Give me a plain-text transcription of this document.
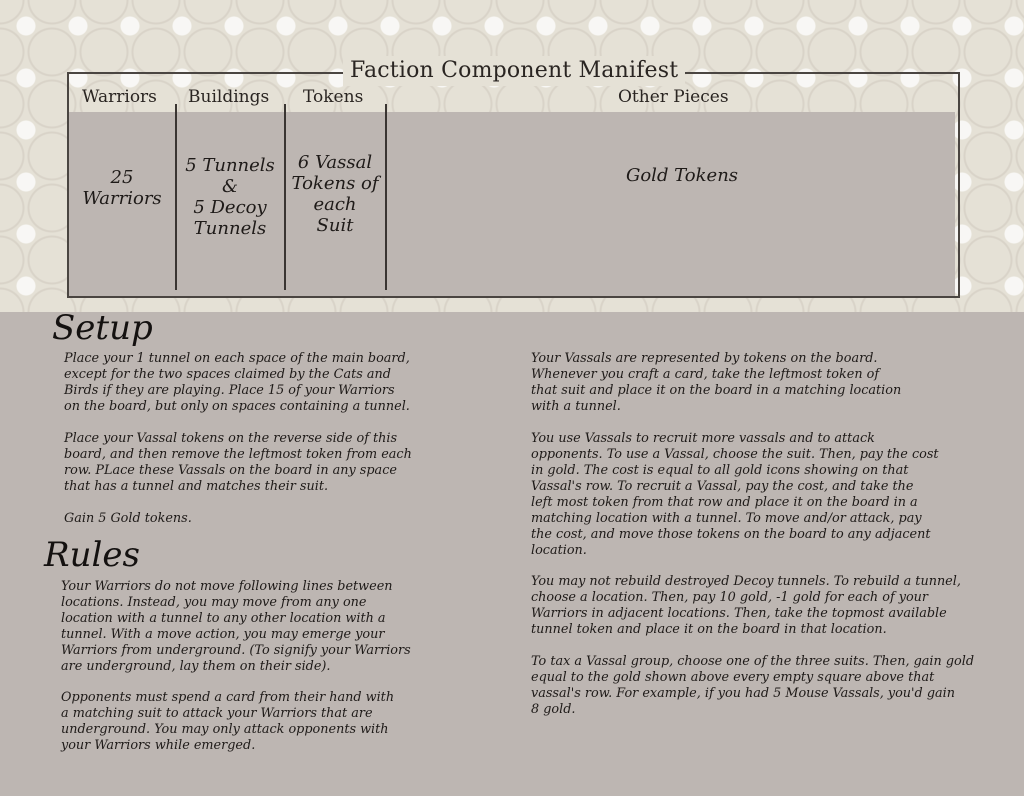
Faction Component Manifest
Warriors Buildings Tokens	Other Pieces
25
Warriors
5 Tunnels
&
5 Decoy
Tunnels
6 Vassal
Tokens of
each
Suit
Gold Tokens
Setup

Place your 1 tunnel on each space of the main board,
except for the two spaces claimed by the Cats and
Birds if they are playing. Place 15 of your Warriors
on the board, but only on spaces containing a tunnel.

Place your Vassal tokens on the reverse side of this
board, and then remove the leftmost token from each
row. PLace these Vassals on the board in any space
that has a tunnel and matches their suit.

Gain 5 Gold tokens.

Rules

Your Warriors do not move following lines between
locations. Instead, you may move from any one
location with a tunnel to any other location with a
tunnel. With a move action, you may emerge your
Warriors from underground. (To signify your Warriors
are underground, lay them on their side).

Opponents must spend a card from their hand with
a matching suit to attack your Warriors that are
underground. You may only attack opponents with
your Warriors while emerged.

Your Vassals are represented by tokens on the board.
Whenever you craft a card, take the leftmost token of
that suit and place it on the board in a matching location
with a tunnel.

You use Vassals to recruit more vassals and to attack
opponents. To use a Vassal, choose the suit. Then, pay the cost
in gold. The cost is equal to all gold icons showing on that
Vassal's row. To recruit a Vassal, pay the cost, and take the
left most token from that row and place it on the board in a
matching location with a tunnel. To move and/or attack, pay
the cost, and move those tokens on the board to any adjacent
location.

You may not rebuild destroyed Decoy tunnels. To rebuild a tunnel,
choose a location. Then, pay 10 gold, -1 gold for each of your
Warriors in adjacent locations. Then, take the topmost available
tunnel token and place it on the board in that location.

To tax a Vassal group, choose one of the three suits. Then, gain gold
equal to the gold shown above every empty square above that
vassal's row. For example, if you had 5 Mouse Vassals, you'd gain
8 gold.
